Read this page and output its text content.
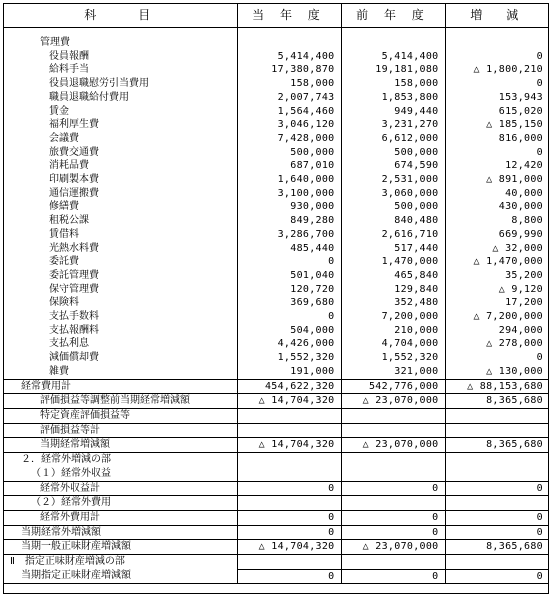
科　　目	当 年 度	前 年 度	増　減
管理費			
役員報酬	5,414,400	5,414,400	0
給料手当	17,380,870	19,181,080	△ 1,800,210
役員退職慰労引当費用	158,000	158,000	0
職員退職給付費用	2,007,743	1,853,800	153,943
賃金	1,564,460	949,440	615,020
福利厚生費	3,046,120	3,231,270	△ 185,150
会議費	7,428,000	6,612,000	816,000
旅費交通費	500,000	500,000	0
消耗品費	687,010	674,590	12,420
印刷製本費	1,640,000	2,531,000	△ 891,000
通信運搬費	3,100,000	3,060,000	40,000
修繕費	930,000	500,000	430,000
租税公課	849,280	840,480	8,800
賃借料	3,286,700	2,616,710	669,990
光熱水料費	485,440	517,440	△ 32,000
委託費	0	1,470,000	△ 1,470,000
委託管理費	501,040	465,840	35,200
保守管理費	120,720	129,840	△ 9,120
保険料	369,680	352,480	17,200
支払手数料	0	7,200,000	△ 7,200,000
支払報酬料	504,000	210,000	294,000
支払利息	4,426,000	4,704,000	△ 278,000
減価償却費	1,552,320	1,552,320	0
雑費	191,000	321,000	△ 130,000
経常費用計	454,622,320	542,776,000	△ 88,153,680
評価損益等調整前当期経常増減額	△ 14,704,320	△ 23,070,000	8,365,680
特定資産評価損益等			
評価損益等計			
当期経常増減額	△ 14,704,320	△ 23,070,000	8,365,680
２．経常外増減の部			
（１）経常外収益			
経常外収益計	0	0	0
（２）経常外費用			
経常外費用計	0	0	0
当期経常外増減額	0	0	0
当期一般正味財産増減額	△ 14,704,320	△ 23,070,000	8,365,680
Ⅱ　指定正味財産増減の部			
当期指定正味財産増減額	0	0	0
